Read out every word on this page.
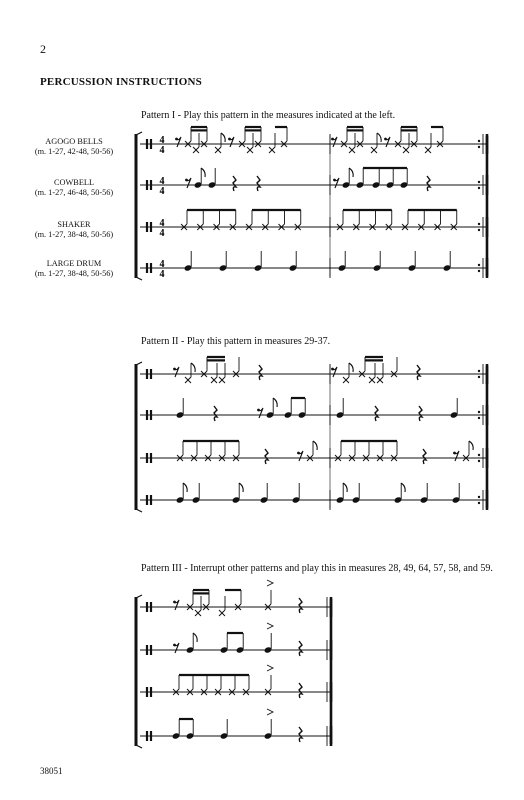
2
PERCUSSION INSTRUCTIONS
Pattern I - Play this pattern in the measures indicated at the left.
Pattern II - Play this pattern in measures 29-37.
Pattern III - Interrupt other patterns and play this in measures 28, 49, 64, 57, 58, and 59.
AGOGO BELLS
(m. 1-27, 42-48, 50-56)
COWBELL
(m. 1-27, 46-48, 50-56)
SHAKER
(m. 1-27, 38-48, 50-56)
LARGE DRUM
(m. 1-27, 38-48, 50-56)
4
4
4
4
4
4
4
4
38051
